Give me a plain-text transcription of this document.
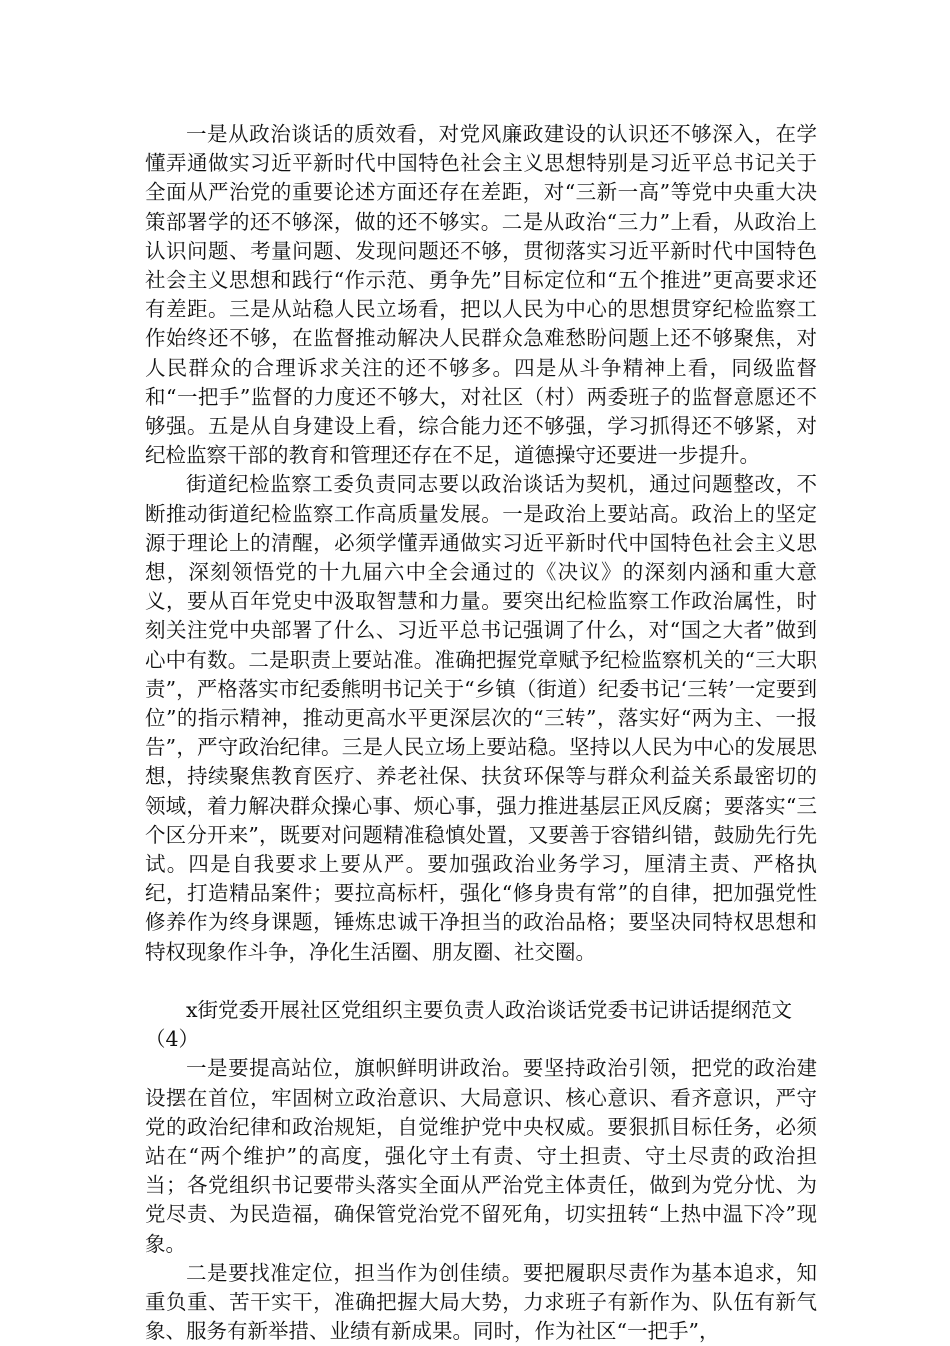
一是从政治谈话的质效看，对党风廉政建设的认识还不够深入，在学懂弄通做实习近平新时代中国特色社会主义思想特别是习近平总书记关于全面从严治党的重要论述方面还存在差距，对“三新一高”等党中央重大决策部署学的还不够深，做的还不够实。二是从政治“三力”上看，从政治上认识问题、考量问题、发现问题还不够，贯彻落实习近平新时代中国特色社会主义思想和践行“作示范、勇争先”目标定位和“五个推进”更高要求还有差距。三是从站稳人民立场看，把以人民为中心的思想贯穿纪检监察工作始终还不够，在监督推动解决人民群众急难愁盼问题上还不够聚焦，对人民群众的合理诉求关注的还不够多。四是从斗争精神上看，同级监督和“一把手”监督的力度还不够大，对社区（村）两委班子的监督意愿还不够强。五是从自身建设上看，综合能力还不够强，学习抓得还不够紧，对纪检监察干部的教育和管理还存在不足，道德操守还要进一步提升。

街道纪检监察工委负责同志要以政治谈话为契机，通过问题整改，不断推动街道纪检监察工作高质量发展。一是政治上要站高。政治上的坚定源于理论上的清醒，必须学懂弄通做实习近平新时代中国特色社会主义思想，深刻领悟党的十九届六中全会通过的《决议》的深刻内涵和重大意义，要从百年党史中汲取智慧和力量。要突出纪检监察工作政治属性，时刻关注党中央部署了什么、习近平总书记强调了什么，对“国之大者”做到心中有数。二是职责上要站准。准确把握党章赋予纪检监察机关的“三大职责”，严格落实市纪委熊明书记关于“乡镇（街道）纪委书记‘三转’一定要到位”的指示精神，推动更高水平更深层次的“三转”，落实好“两为主、一报告”，严守政治纪律。三是人民立场上要站稳。坚持以人民为中心的发展思想，持续聚焦教育医疗、养老社保、扶贫环保等与群众利益关系最密切的领域，着力解决群众操心事、烦心事，强力推进基层正风反腐；要落实“三个区分开来”，既要对问题精准稳慎处置，又要善于容错纠错，鼓励先行先试。四是自我要求上要从严。要加强政治业务学习，厘清主责、严格执纪，打造精品案件；要拉高标杆，强化“修身贵有常”的自律，把加强党性修养作为终身课题，锤炼忠诚干净担当的政治品格；要坚决同特权思想和特权现象作斗争，净化生活圈、朋友圈、社交圈。

x街党委开展社区党组织主要负责人政治谈话党委书记讲话提纲范文（4）

一是要提高站位，旗帜鲜明讲政治。要坚持政治引领，把党的政治建设摆在首位，牢固树立政治意识、大局意识、核心意识、看齐意识，严守党的政治纪律和政治规矩，自觉维护党中央权威。要狠抓目标任务，必须站在“两个维护”的高度，强化守土有责、守土担责、守土尽责的政治担当；各党组织书记要带头落实全面从严治党主体责任，做到为党分忧、为党尽责、为民造福，确保管党治党不留死角，切实扭转“上热中温下冷”现象。

二是要找准定位，担当作为创佳绩。要把履职尽责作为基本追求，知重负重、苦干实干，准确把握大局大势，力求班子有新作为、队伍有新气象、服务有新举措、业绩有新成果。同时，作为社区“一把手”，
